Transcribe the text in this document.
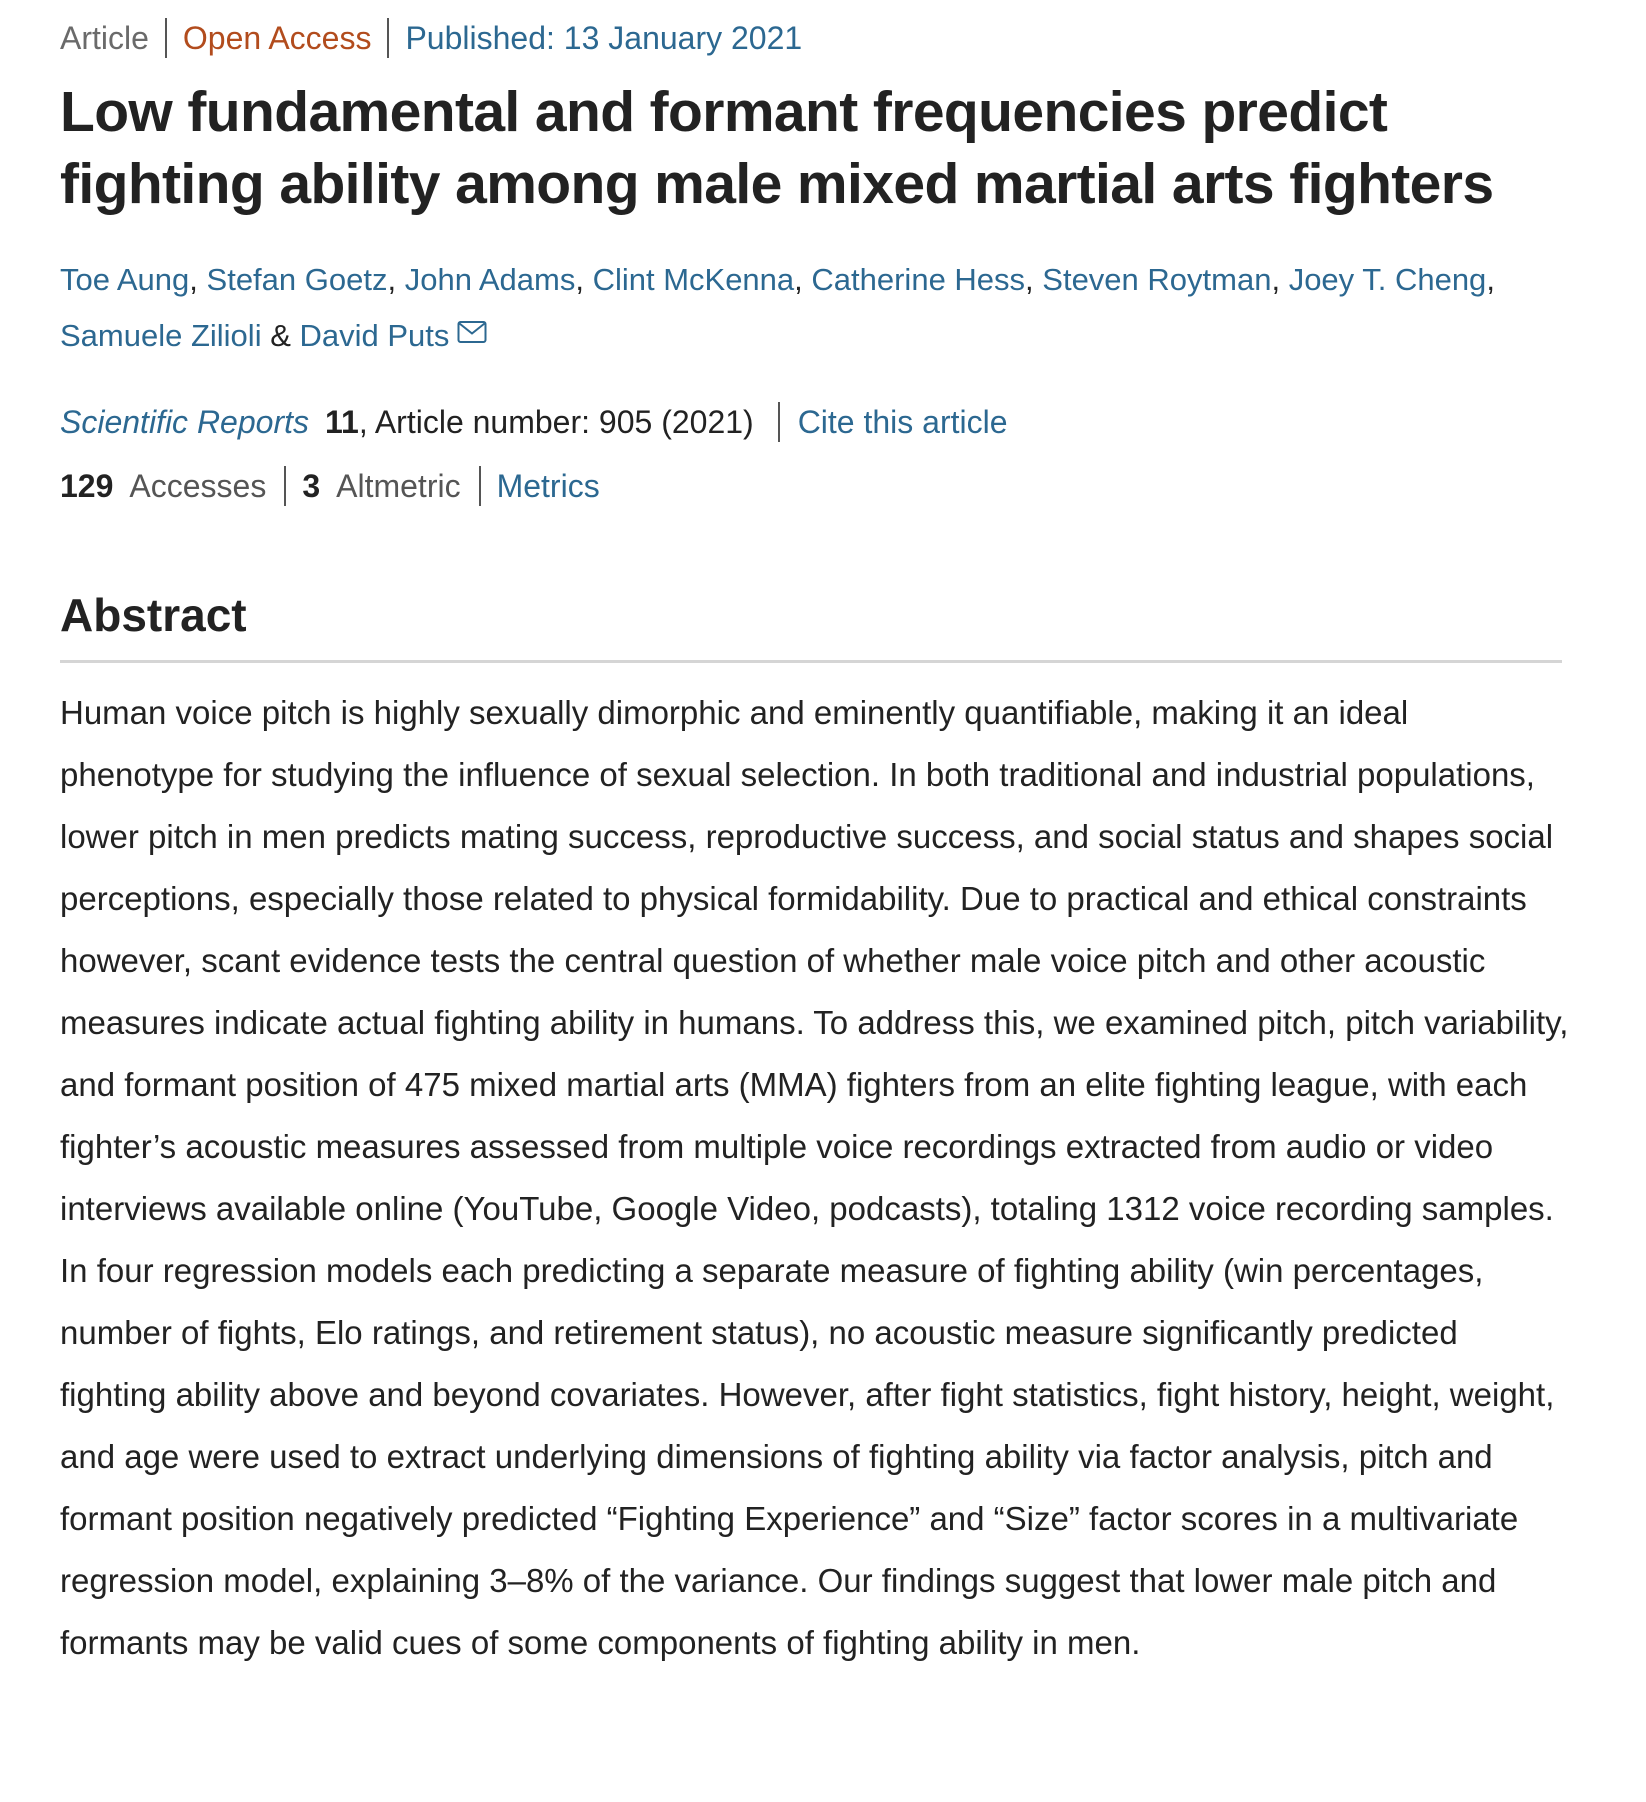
Article Open Access Published: 13 January 2021
Low fundamental and formant frequencies predict fighting ability among male mixed martial arts fighters
Toe Aung, Stefan Goetz, John Adams, Clint McKenna, Catherine Hess, Steven Roytman, Joey T. Cheng,
Samuele Zilioli & David Puts
Scientific Reports 11 , Article number: 905 (2021) Cite this article
129 Accesses 3 Altmetric Metrics
Abstract

Human voice pitch is highly sexually dimorphic and eminently quantifiable, making it an ideal phenotype for studying the influence of sexual selection. In both traditional and industrial populations, lower pitch in men predicts mating success, reproductive success, and social status and shapes social perceptions, especially those related to physical formidability. Due to practical and ethical constraints however, scant evidence tests the central question of whether male voice pitch and other acoustic measures indicate actual fighting ability in humans. To address this, we examined pitch, pitch variability, and formant position of 475 mixed martial arts (MMA) fighters from an elite fighting league, with each fighter’s acoustic measures assessed from multiple voice recordings extracted from audio or video interviews available online (YouTube, Google Video, podcasts), totaling 1312 voice recording samples. In four regression models each predicting a separate measure of fighting ability (win percentages, number of fights, Elo ratings, and retirement status), no acoustic measure significantly predicted fighting ability above and beyond covariates. However, after fight statistics, fight history, height, weight, and age were used to extract underlying dimensions of fighting ability via factor analysis, pitch and formant position negatively predicted “Fighting Experience” and “Size” factor scores in a multivariate regression model, explaining 3–8% of the variance. Our findings suggest that lower male pitch and formants may be valid cues of some components of fighting ability in men.
